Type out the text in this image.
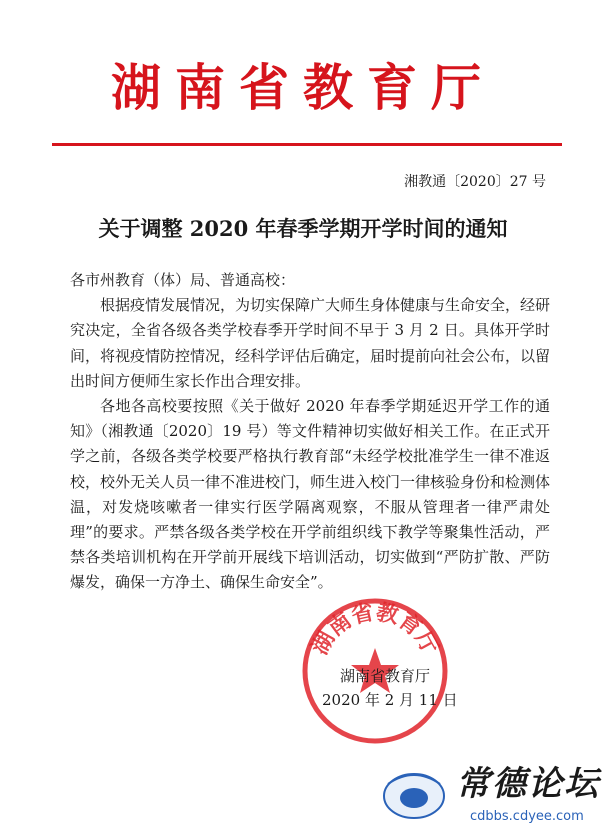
湖南省教育厅
湘教通〔2020〕27 号
关于调整 2020 年春季学期开学时间的通知

各市州教育（体）局、普通高校：

根据疫情发展情况，为切实保障广大师生身体健康与生命安全，经研究决定，全省各级各类学校春季开学时间不早于 3 月 2 日。具体开学时间，将视疫情防控情况，经科学评估后确定，届时提前向社会公布，以留出时间方便师生家长作出合理安排。

各地各高校要按照《关于做好 2020 年春季学期延迟开学工作的通知》（湘教通〔2020〕19 号）等文件精神切实做好相关工作。在正式开学之前，各级各类学校要严格执行教育部“未经学校批准学生一律不准返校，校外无关人员一律不准进校门，师生进入校门一律核验身份和检测体温，对发烧咳嗽者一律实行医学隔离观察，不服从管理者一律严肃处理”的要求。严禁各级各类学校在开学前组织线下教学等聚集性活动，严禁各类培训机构在开学前开展线下培训活动，切实做到“严防扩散、严防爆发，确保一方净土、确保生命安全”。

湖南省教育厅
湖南省教育厅
2020 年 2 月 11 日
常德论坛
cdbbs.cdyee.com
